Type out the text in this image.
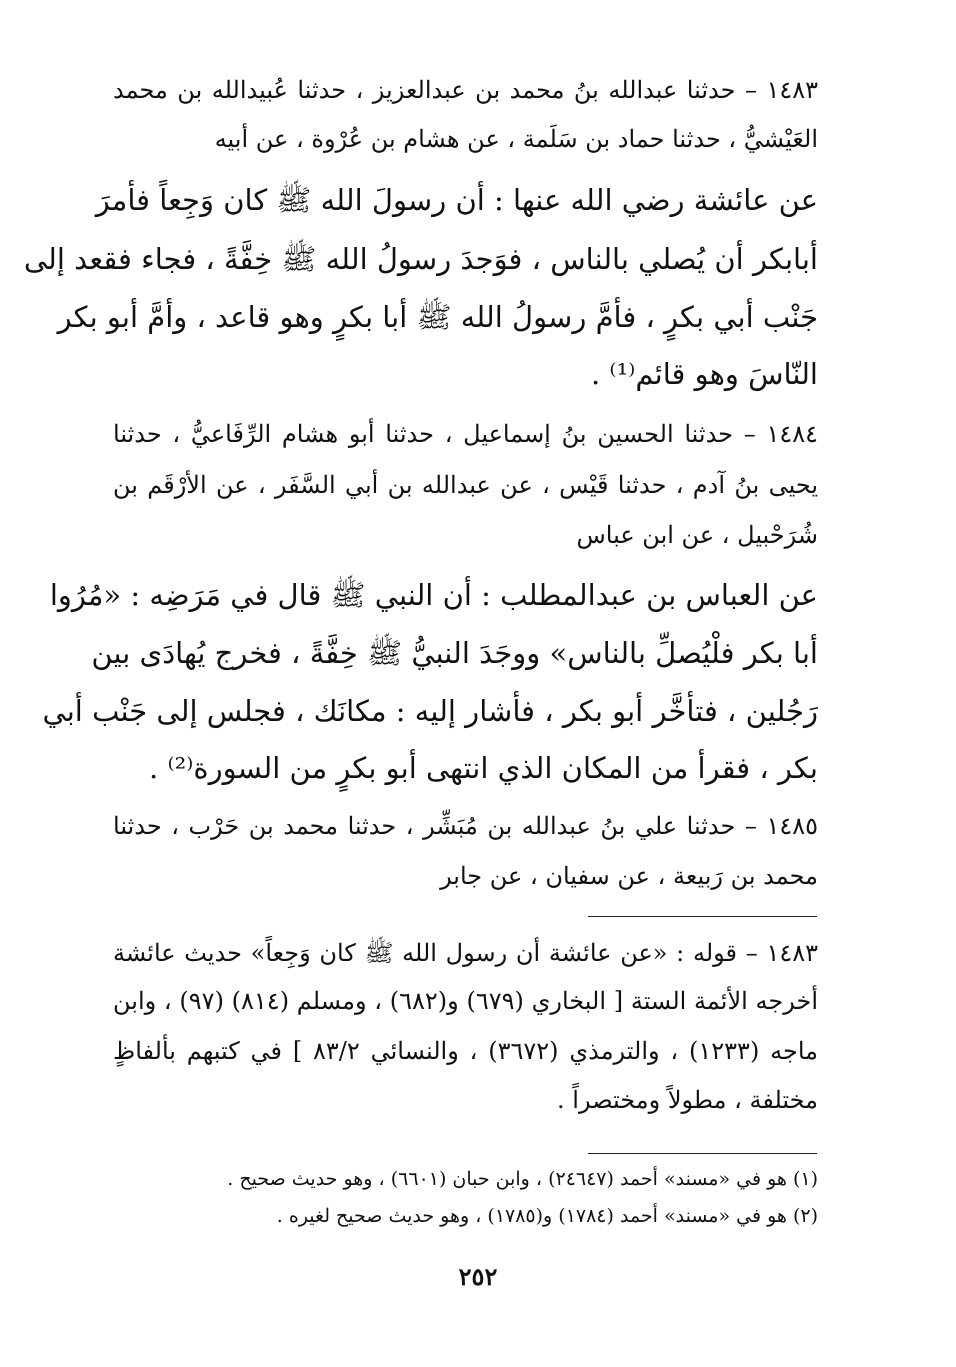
١٤٨٣ – حدثنا عبدالله بنُ محمد بن عبدالعزيز ، حدثنا عُبيدالله بن محمد
العَيْشيُّ ، حدثنا حماد بن سَلَمة ، عن هشام بن عُرْوة ، عن أبيه
عن عائشة رضي الله عنها : أن رسولَ الله ﷺ كان وَجِعاً فأمرَ
أبابكر أن يُصلي بالناس ، فوَجدَ رسولُ الله ﷺ خِفَّةً ، فجاء فقعد إلى
جَنْب أبي بكرٍ ، فأمَّ رسولُ الله ﷺ أبا بكرٍ وهو قاعد ، وأمَّ أبو بكر
النّاسَ وهو قائم⁽¹⁾ .
١٤٨٤ – حدثنا الحسين بنُ إسماعيل ، حدثنا أبو هشام الرِّفَاعيُّ ، حدثنا
يحيى بنُ آدم ، حدثنا قَيْس ، عن عبدالله بن أبي السَّفَر ، عن الأرْقَم بن
شُرَحْبيل ، عن ابن عباس
عن العباس بن عبدالمطلب : أن النبي ﷺ قال في مَرَضِه : «مُرُوا
أبا بكر فلْيُصلِّ بالناس» ووجَدَ النبيُّ ﷺ خِفَّةً ، فخرج يُهادَى بين
رَجُلين ، فتأخَّر أبو بكر ، فأشار إليه : مكانَك ، فجلس إلى جَنْب أبي
بكر ، فقرأ من المكان الذي انتهى أبو بكرٍ من السورة⁽²⁾ .
١٤٨٥ – حدثنا علي بنُ عبدالله بن مُبَشِّر ، حدثنا محمد بن حَرْب ، حدثنا
محمد بن رَبيعة ، عن سفيان ، عن جابر
١٤٨٣ – قوله : «عن عائشة أن رسول الله ﷺ كان وَجِعاً» حديث عائشة
أخرجه الأئمة الستة [ البخاري (٦٧٩) و(٦٨٢) ، ومسلم (٨١٤) (٩٧) ، وابن
ماجه (١٢٣٣) ، والترمذي (٣٦٧٢) ، والنسائي ٨٣/٢ ] في كتبهم بألفاظٍ
مختلفة ، مطولاً ومختصراً .
(١) هو في «مسند» أحمد (٢٤٦٤٧) ، وابن حبان (٦٦٠١) ، وهو حديث صحيح .
(٢) هو في «مسند» أحمد (١٧٨٤) و(١٧٨٥) ، وهو حديث صحيح لغيره .
٢٥٢
